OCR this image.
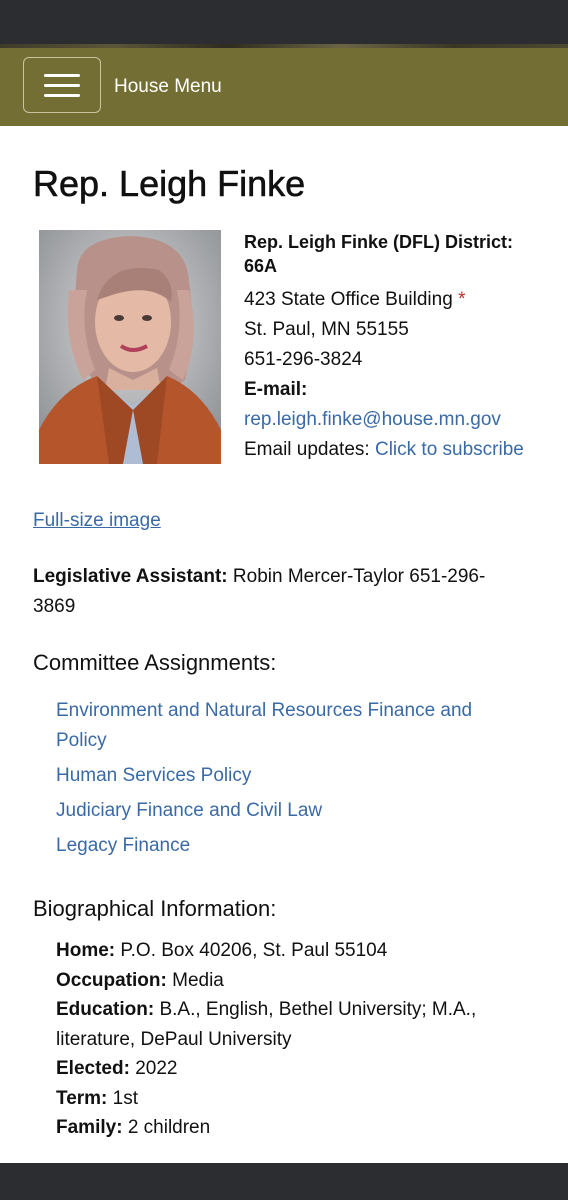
House Menu
Rep. Leigh Finke
Rep. Leigh Finke (DFL) District: 66A
423 State Office Building *
St. Paul, MN 55155
651-296-3824
E-mail:
rep.leigh.finke@house.mn.gov
Email updates: Click to subscribe
Full-size image
Legislative Assistant: Robin Mercer-Taylor 651-296-3869
Committee Assignments:
Environment and Natural Resources Finance and Policy
Human Services Policy
Judiciary Finance and Civil Law
Legacy Finance
Biographical Information:
Home: P.O. Box 40206, St. Paul 55104
Occupation: Media
Education: B.A., English, Bethel University; M.A., literature, DePaul University
Elected: 2022
Term: 1st
Family: 2 children
